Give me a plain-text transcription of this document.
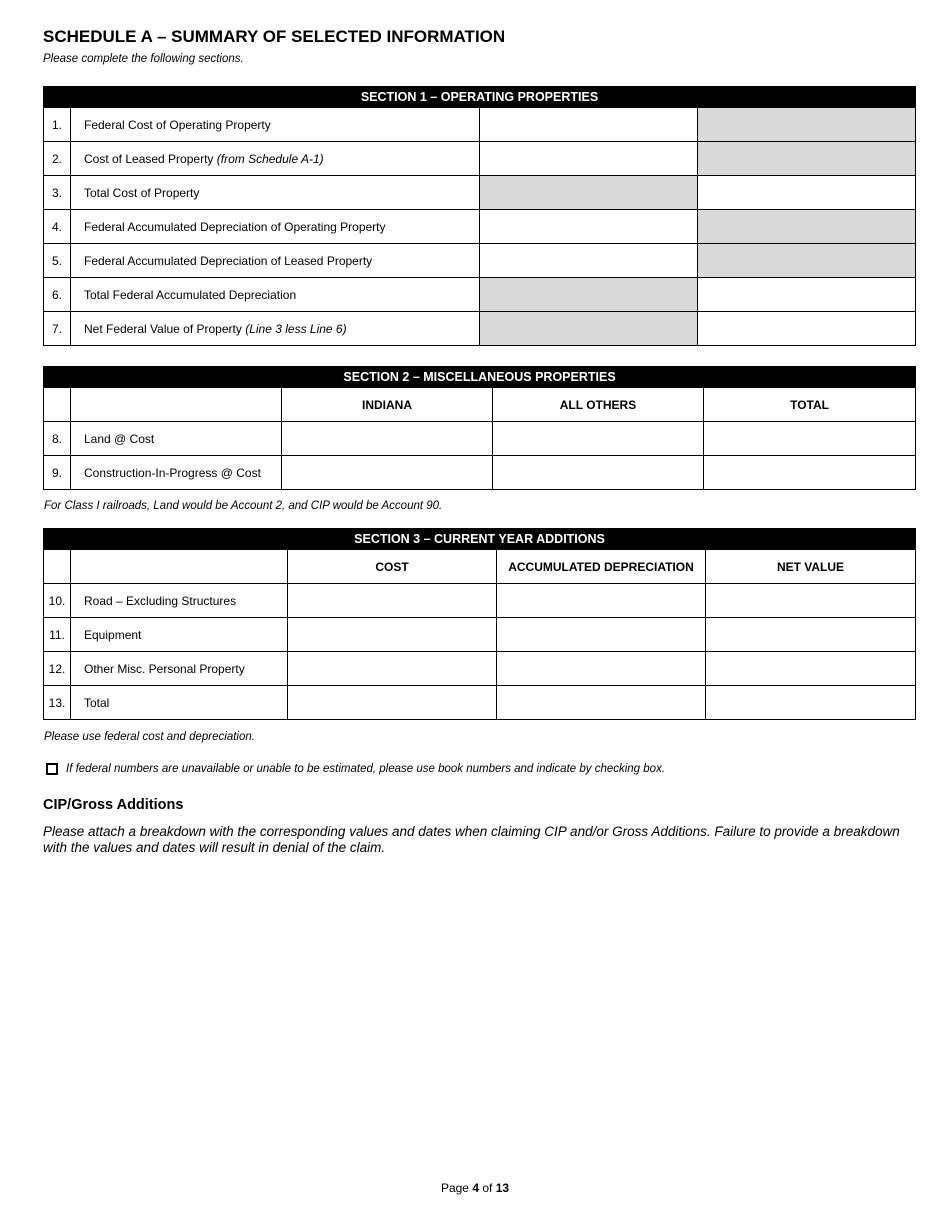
SCHEDULE A – SUMMARY OF SELECTED INFORMATION
Please complete the following sections.
SECTION 1 – OPERATING PROPERTIES			
1.	Federal Cost of Operating Property		
2.	Cost of Leased Property (from Schedule A-1)		
3.	Total Cost of Property		
4.	Federal Accumulated Depreciation of Operating Property		
5.	Federal Accumulated Depreciation of Leased Property		
6.	Total Federal Accumulated Depreciation		
7.	Net Federal Value of Property (Line 3 less Line 6)		
SECTION 2 – MISCELLANEOUS PROPERTIES				
		INDIANA	ALL OTHERS	TOTAL
8.	Land @ Cost			
9.	Construction-In-Progress @ Cost			
For Class I railroads, Land would be Account 2, and CIP would be Account 90.
SECTION 3 – CURRENT YEAR ADDITIONS				
		COST	ACCUMULATED DEPRECIATION	NET VALUE
10.	Road – Excluding Structures			
11.	Equipment			
12.	Other Misc. Personal Property			
13.	Total			
Please use federal cost and depreciation.
If federal numbers are unavailable or unable to be estimated, please use book numbers and indicate by checking box.
CIP/Gross Additions

Please attach a breakdown with the corresponding values and dates when claiming CIP and/or Gross Additions. Failure to provide a breakdown with the values and dates will result in denial of the claim.

Page 4 of 13
